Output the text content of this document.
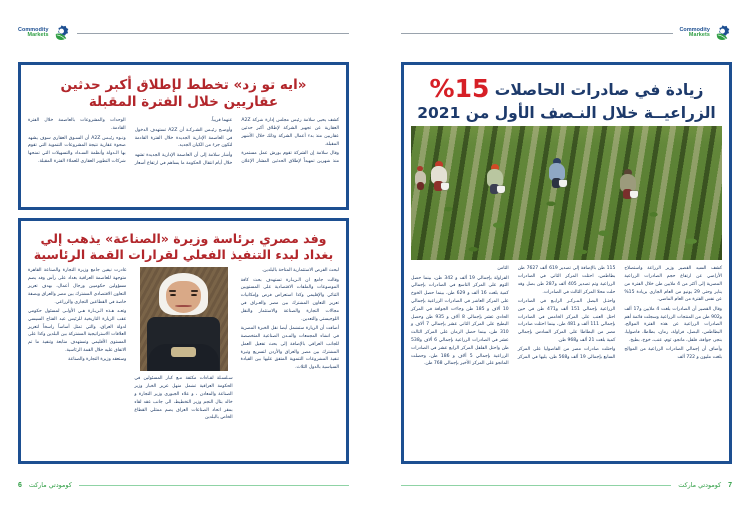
Commodity
Markets
«ايه تو زد» تخطط لإطلاق أكبر حدثين
عقاريين خلال الفترة المقبلة

كشف يحيى سلامة رئيس مجلس إدارة شركة A2Z العقارية عن تجهيز الشركة لإطلاق أكبر حدثين عقاريين منذ بدء أعمال الشركة وذلك خلال الأشهر المقبلة.

وقال سلامة إن الشركة تقوم بورش عمل مستمرة منذ شهرين تمهيداً لإطلاق الحدثين المشار الإعلان عنهما قريباً.

وأوضـح رئيـس الشـركـة أن A2Z تستهدف الدخول في العاصمة الإدارية الجديدة خلال الفترة القادمة لتكون جزء من الكيان الجديد.

وأشار سلامة إلى أن العاصمة الإدارية الجديدة تشهد خلال أيام انتقال الحكومة ما يساهم في ارتفاع أسعار الوحدات والمشروعات بالعاصمة خلال الفترة القادمة.

ونـوه رئيـس A2Z أن السـوق العقاري سوف يشهد صحوة عقارية نتيجة المشروعات التنموية التي تقوم بها الـدولة وأنظمة السـداد والتسهيلات التي تمنحها شركات التطوير العقاري للعملاء الفترة المقبلة.

وفد مصري برئاسة وزيرة «الصناعة» يذهب إلي
بغداد لبدء التنفيذ الفعلي لقرارات القمة الرئاسية

غادرت نيفين جامع وزيرة التجارة والصناعة القاهرة متوجهة للعاصمة العراقية بغداد على رأس وفد يضم مسؤولين حكوميين ورجال أعمال، بهدف تعزيز التعاون الاقتصادي المشترك بين مصر والعراق وبصفة خاصة في القطاعين التجاري والزراعي.

وتعـد هـذه الـزيـارة هـي الأولـى لمسئول حكومي عقب الزيارة التاريخية للرئيس عبد الفتاح السيسي لدولة العراق، والتي تمثل أساساً راسخاً لتعزيز العلاقات الاستراتيجية المشتركة بين البلدين وكذا على المستوى الأقليمي وتستهدف متابعة وتنفيذ ما تم الاتفاق عليه خلال القمة الرئاسية.

وستعقد وزيرة التجارة والصناعة

سـلسـلة لقـاءات مكثفة مـع كبار المسئولين في الحكومة العراقية تشمل منهل عزيز الخبار وزير الصناعة والمعادن ، و علاء الجبوري وزير التجارة و خالد بتال النجم وزير التخطيط، الى جانب عقد لقاء بمقر اتحاد الصناعات العراق يضم ممثلي القطاع الخاص بالبلدين

لبحث الفرص الاستثمارية المتاحة بالبلدين.

وقالت جامع ان الـزيـارة تستهدف بحث كافة الموضوعات والملفات الاقتصادية على المستويين الثنائي والإقليمي وكذا استعراض فرص وإمكانيات تعزيز التعاون المشترك بين مصر والعـراق في مجالات التجارة والصناعة والاستثمار والنقل اللوجيستي والتعدين.

أضافت أن الزيارة ستشمل أيضا نقل الخبرة المصرية في انشاء المجمعات والمـدن الصناعية المتخصصة للجانب العراقي بالإضافة إلى بحث تفعيل العمل المشترك بين مصر والعراق والأردن لتسريع وتيرة تنفيذ المشروعات التنموية المتفق عليها بين القيادة السياسية بالدول الثلاث.

6 كومودتي ماركت
Commodity
Markets
زيادة في صادرات الحاصلات 15%
الزراعيــة خلال النـصف الأول من 2021

كشف السيد القصير وزير الزراعة واستصلاح الأراضي عن ارتفاع حجم الصادرات الزراعية المصرية إلى أكثر من 4 ملايين طن خلال الفترة من يناير وحتى 29 يونيو من العام الجاري بزيادة 15% عن نفس الفترة من العام الماضي.

وقال القصير أن الصادرات بلغت 4 ملايين و17 ألف و902 طن من المنتجات الزراعية وسجلت قائمة أهم الصادرات الزراعية عن هذه الفترة الموالح، البطاطس، البصل، فراولة، رمان، بطاطا، فاصوليا، بنجر، جوافة، فلفل، مانجو، ثوم، عنب، خوخ، بطيخ.

وأضاف أن إجمالي الصادرات الزراعية من الموالح بلغت مليون و 722 ألف

115 طن بالإضافة إلى تصدير 619 ألف 7627 طن بطاطس، احتلت المركز الثاني في الصادرات الزراعية وتم تصدير 405 ألف و287 طن بصل وقد حلت محلا المركز الثالث في الصادرات.

واحتـل البصل المـركـز الرابـع في الصادرات الزراعية بإجمالي 151 ألف و471 طن في حين احتل العنب على المركز الخامس في الصادرات بإجمالي 111 ألف و 481 طن، بينما احتلت صادرات مصر من البطاطا على المركز السادس بإجمالي كمية بلغت 21 ألف و968 طن.

واحتلت صادرات مصر من الفاصوليا على المركز السابع بإجمالي 19 ألف و568 طن، يليها في المركز الثامن

الفراولة بإجمالي 19 ألف و 342 طن، بينما حصل الثوم على المركز التاسع في الصادرات بإجمالي كمية بلغت 16 ألف و 629 طن، بينما حصل الخوخ على المركز العاشر في الصادرات الزراعية بإجمالي 10 ألاف و 185 طن وجاءت الجوافة في المركز الحادي عشر بإجمالي 8 ألاف و 935 طن وحصل البطيخ على المركز الثاني عشر بإجمالي 7 ألاف و 310 طن، بينما حصل الرمان على المركز الثالث عشر في الصادرات الزراعية بإجمالي 6 ألاف و538 طن واحتل الفلفل المركز الرابع عشر في الصادرات الزراعية بإجمالي 5 ألاف و 186 طن، وحصلت المانجو على المركز الأخير بإجمالي 768 طن.

7
كومودتي ماركت
